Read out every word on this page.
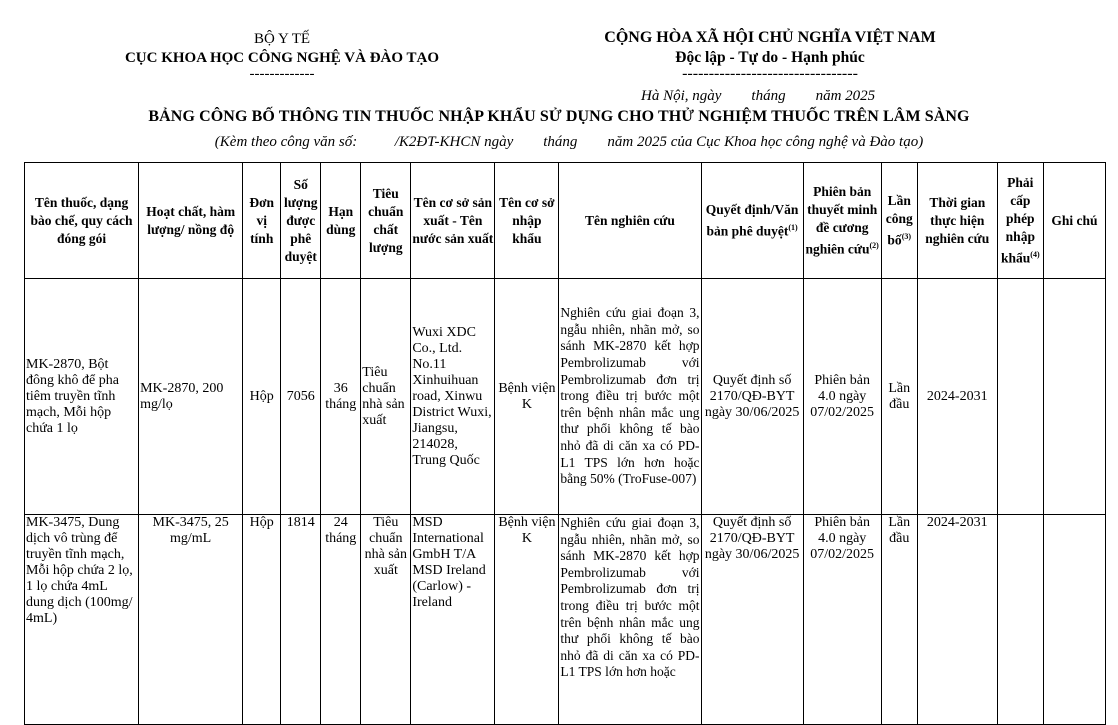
BỘ Y TẾ
CỤC KHOA HỌC CÔNG NGHỆ VÀ ĐÀO TẠO
-------------
CỘNG HÒA XÃ HỘI CHỦ NGHĨA VIỆT NAM
Độc lập - Tự do - Hạnh phúc
---------------------------------
Hà Nội, ngày        tháng        năm 2025
BẢNG CÔNG BỐ THÔNG TIN THUỐC NHẬP KHẨU SỬ DỤNG CHO THỬ NGHIỆM THUỐC TRÊN LÂM SÀNG
(Kèm theo công văn số:          /K2ĐT-KHCN ngày        tháng        năm 2025 của Cục Khoa học công nghệ và Đào tạo)
Tên thuốc, dạng bào chế, quy cách đóng gói	Hoạt chất, hàm lượng/ nồng độ	Đơn vị tính	Số lượng được phê duyệt	Hạn dùng	Tiêu chuẩn chất lượng	Tên cơ sở sản xuất - Tên nước sản xuất	Tên cơ sở nhập khẩu	Tên nghiên cứu	Quyết định/Văn bản phê duyệt$^{(1)}$	Phiên bản thuyết minh đề cương nghiên cứu$^{(2)}$	Lần công bố$^{(3)}$	Thời gian thực hiện nghiên cứu	Phải cấp phép nhập khẩu$^{(4)}$	Ghi chú
MK-2870, Bột đông khô để pha tiêm truyền tĩnh mạch, Mỗi hộp chứa 1 lọ	MK-2870, 200 mg/lọ	Hộp	7056	36 tháng	Tiêu chuẩn nhà sản xuất	Wuxi XDC Co., Ltd. No.11 Xinhuihuan road, Xinwu District Wuxi, Jiangsu, 214028, Trung Quốc	Bệnh viện K	Nghiên cứu giai đoạn 3, ngẫu nhiên, nhãn mở, so sánh MK-2870 kết hợp Pembrolizumab với Pembrolizumab đơn trị trong điều trị bước một trên bệnh nhân mắc ung thư phổi không tế bào nhỏ đã di căn xa có PD-L1 TPS lớn hơn hoặc bằng 50% (TroFuse-007)	Quyết định số 2170/QĐ-BYT ngày 30/06/2025	Phiên bản 4.0 ngày 07/02/2025	Lần đầu	2024-2031		
MK-3475, Dung dịch vô trùng để truyền tĩnh mạch, Mỗi hộp chứa 2 lọ, 1 lọ chứa 4mL dung dịch (100mg/ 4mL)	MK-3475, 25 mg/mL	Hộp	1814	24 tháng	Tiêu chuẩn nhà sản xuất	MSD International GmbH T/A MSD Ireland (Carlow) - Ireland	Bệnh viện K	Nghiên cứu giai đoạn 3, ngẫu nhiên, nhãn mở, so sánh MK-2870 kết hợp Pembrolizumab với Pembrolizumab đơn trị trong điều trị bước một trên bệnh nhân mắc ung thư phổi không tế bào nhỏ đã di căn xa có PD-L1 TPS lớn hơn hoặc	Quyết định số 2170/QĐ-BYT ngày 30/06/2025	Phiên bản 4.0 ngày 07/02/2025	Lần đầu	2024-2031		
